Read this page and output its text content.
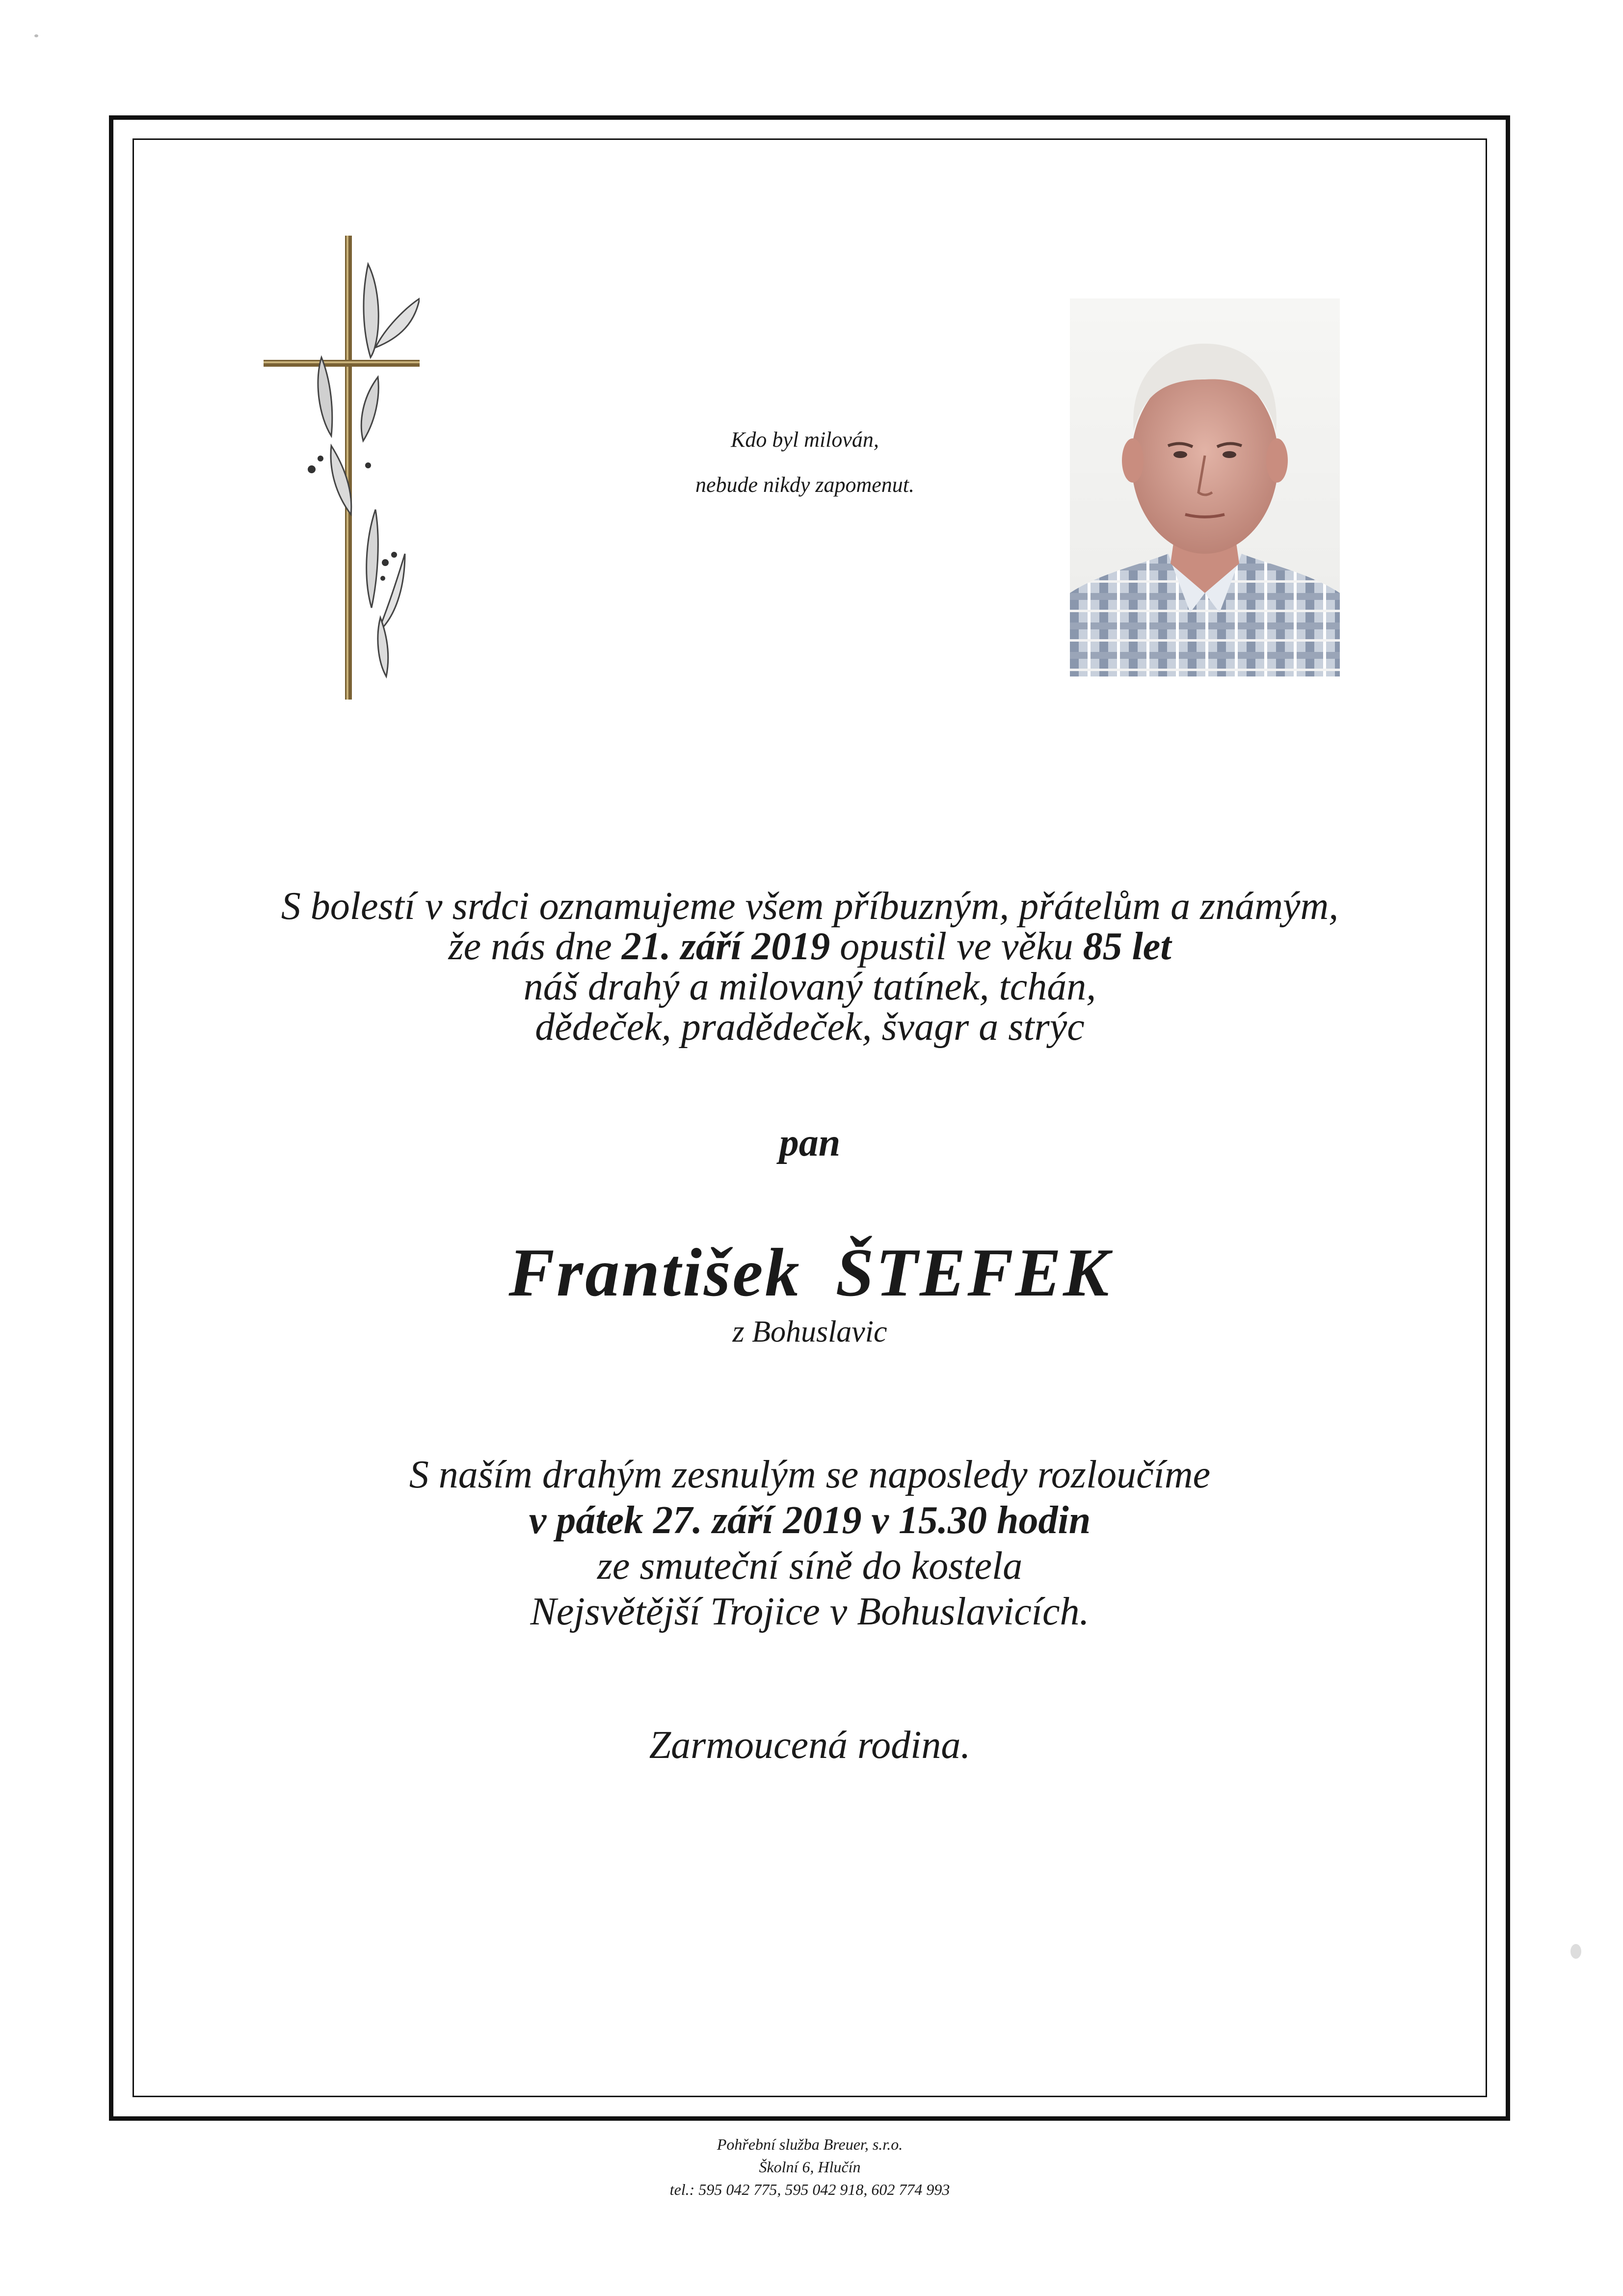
Kdo byl milován,
nebude nikdy zapomenut.
S bolestí v srdci oznamujeme všem příbuzným, přátelům a známým,
že nás dne 21. září 2019 opustil ve věku 85 let
náš drahý a milovaný tatínek, tchán,
dědeček, pradědeček, švagr a strýc
pan
František ŠTEFEK
z Bohuslavic
S naším drahým zesnulým se naposledy rozloučíme
v pátek 27. září 2019 v 15.30 hodin
ze smuteční síně do kostela
Nejsvětější Trojice v Bohuslavicích.
Zarmoucená rodina.
Pohřební služba Breuer, s.r.o.
Školní 6, Hlučín
tel.: 595 042 775, 595 042 918, 602 774 993
